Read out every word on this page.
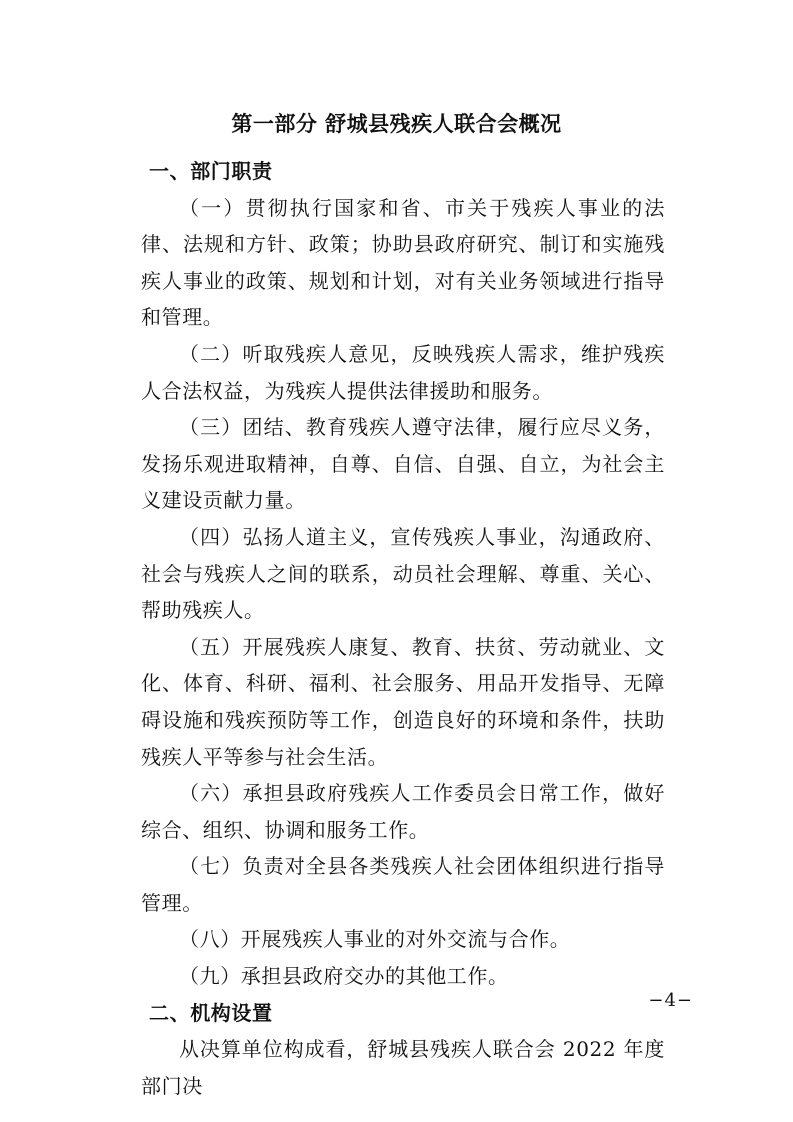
第一部分 舒城县残疾人联合会概况
一、部门职责

（一）贯彻执行国家和省、市关于残疾人事业的法律、法规和方针、政策；协助县政府研究、制订和实施残疾人事业的政策、规划和计划，对有关业务领域进行指导和管理。

（二）听取残疾人意见，反映残疾人需求，维护残疾人合法权益，为残疾人提供法律援助和服务。

（三）团结、教育残疾人遵守法律，履行应尽义务，发扬乐观进取精神，自尊、自信、自强、自立，为社会主义建设贡献力量。

（四）弘扬人道主义，宣传残疾人事业，沟通政府、社会与残疾人之间的联系，动员社会理解、尊重、关心、帮助残疾人。

（五）开展残疾人康复、教育、扶贫、劳动就业、文化、体育、科研、福利、社会服务、用品开发指导、无障碍设施和残疾预防等工作，创造良好的环境和条件，扶助残疾人平等参与社会生活。

（六）承担县政府残疾人工作委员会日常工作，做好综合、组织、协调和服务工作。

（七）负责对全县各类残疾人社会团体组织进行指导管理。

（八）开展残疾人事业的对外交流与合作。

（九）承担县政府交办的其他工作。

二、机构设置

从决算单位构成看，舒城县残疾人联合会 2022 年度部门决

−4−
